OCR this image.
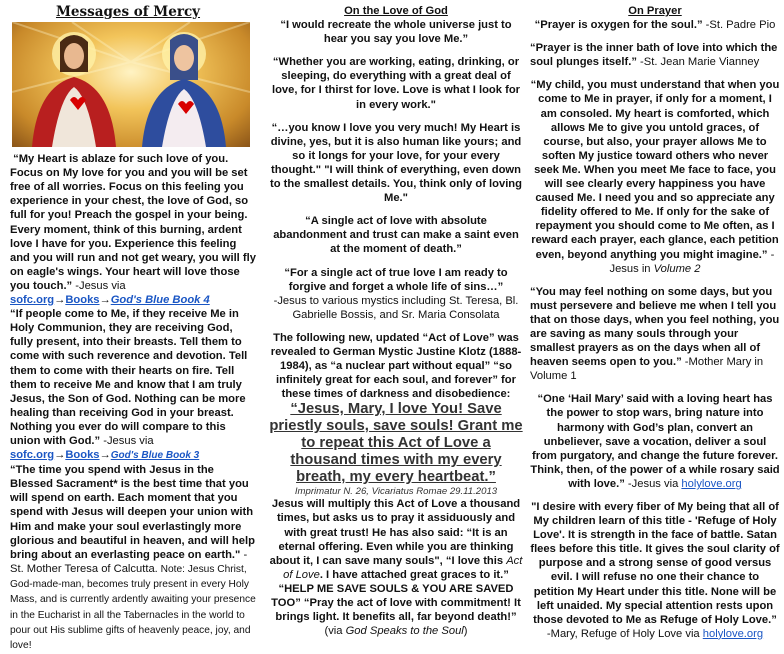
Messages of Mercy

“My Heart is ablaze for such love of you. Focus on My love for you and you will be set free of all worries. Focus on this feeling you experience in your chest, the love of God, so full for you! Preach the gospel in your being. Every moment, think of this burning, ardent love I have for you. Experience this feeling and you will run and not get weary, you will fly on eagle's wings. Your heart will love those you touch.” -Jesus via
sofc.org→Books→God's Blue Book 4

“If people come to Me, if they receive Me in Holy Communion, they are receiving God, fully present, into their breasts. Tell them to come with such reverence and devotion. Tell them to come with their hearts on fire. Tell them to receive Me and know that I am truly Jesus, the Son of God. Nothing can be more healing than receiving God in your breast. Nothing you ever do will compare to this union with God.” -Jesus via sofc.org→Books→God's Blue Book 3

“The time you spend with Jesus in the Blessed Sacrament* is the best time that you will spend on earth. Each moment that you spend with Jesus will deepen your union with Him and make your soul everlastingly more glorious and beautiful in heaven, and will help bring about an everlasting peace on earth." -St. Mother Teresa of Calcutta. Note: Jesus Christ, God-made-man, becomes truly present in every Holy Mass, and is currently ardently awaiting your presence in the Eucharist in all the Tabernacles in the world to pour out His sublime gifts of heavenly peace, joy, and love!

On the Love of God

“I would recreate the whole universe just to hear you say you love Me.”

“Whether you are working, eating, drinking, or sleeping, do everything with a great deal of love, for I thirst for love. Love is what I look for in every work."

“…you know I love you very much! My Heart is divine, yes, but it is also human like yours; and so it longs for your love, for your every thought." "I will think of everything, even down to the smallest details. You, think only of loving Me."

“A single act of love with absolute abandonment and trust can make a saint even at the moment of death.”

“For a single act of true love I am ready to forgive and forget a whole life of sins…”
-Jesus to various mystics including St. Teresa, Bl. Gabrielle Bossis, and Sr. Maria Consolata

The following new, updated “Act of Love” was revealed to German Mystic Justine Klotz (1888-1984), as “a nuclear part without equal” “so infinitely great for each soul, and forever” for these times of darkness and disobedience:

“Jesus, Mary, I love You! Save priestly souls, save souls! Grant me to repeat this Act of Love a thousand times with my every breath, my every heartbeat.”
Imprimatur N. 26, Vicariatus Romae 29.11.2013

Jesus will multiply this Act of Love a thousand times, but asks us to pray it assiduously and with great trust! He has also said: “It is an eternal offering. Even while you are thinking about it, I can save many souls", “I love this Act of Love. I have attached great graces to it.” “HELP ME SAVE SOULS & YOU ARE SAVED TOO” “Pray the act of love with commitment! It brings light. It benefits all, far beyond death!” (via God Speaks to the Soul)

On Prayer

“Prayer is oxygen for the soul.” -St. Padre Pio

“Prayer is the inner bath of love into which the soul plunges itself.” -St. Jean Marie Vianney

“My child, you must understand that when you come to Me in prayer, if only for a moment, I am consoled. My heart is comforted, which allows Me to give you untold graces, of course, but also, your prayer allows Me to soften My justice toward others who never seek Me. When you meet Me face to face, you will see clearly every happiness you have caused Me. I need you and so appreciate any fidelity offered to Me. If only for the sake of repayment you should come to Me often, as I reward each prayer, each glance, each petition even, beyond anything you might imagine.” -Jesus in Volume 2

“You may feel nothing on some days, but you must persevere and believe me when I tell you that on those days, when you feel nothing, you are saving as many souls through your smallest prayers as on the days when all of heaven seems open to you.” -Mother Mary in Volume 1

“One ‘Hail Mary’ said with a loving heart has the power to stop wars, bring nature into harmony with God’s plan, convert an unbeliever, save a vocation, deliver a soul from purgatory, and change the future forever. Think, then, of the power of a while rosary said with love.” -Jesus via holylove.org

"I desire with every fiber of My being that all of My children learn of this title - 'Refuge of Holy Love'. It is strength in the face of battle. Satan flees before this title. It gives the soul clarity of purpose and a strong sense of good versus evil. I will refuse no one their chance to petition My Heart under this title. None will be left unaided. My special attention rests upon those devoted to Me as Refuge of Holy Love.” -Mary, Refuge of Holy Love via holylove.org
